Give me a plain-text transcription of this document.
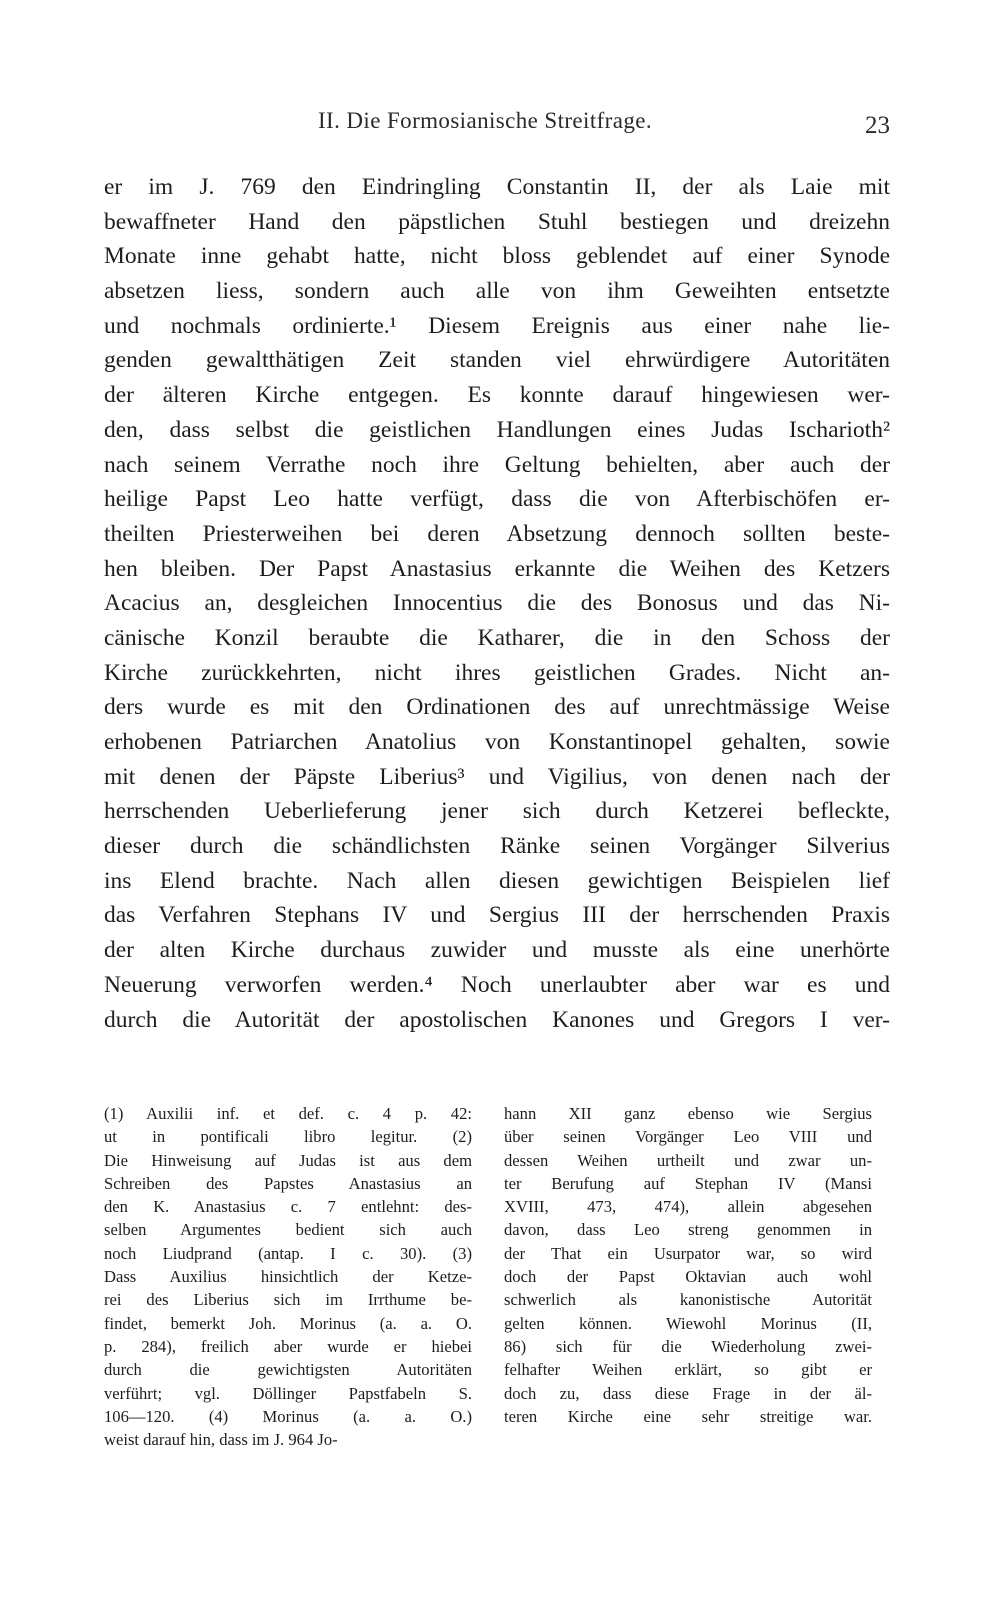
II. Die Formosianische Streitfrage.	23
er im J. 769 den Eindringling Constantin II, der als Laie mit
bewaffneter Hand den päpstlichen Stuhl bestiegen und dreizehn
Monate inne gehabt hatte, nicht bloss geblendet auf einer Synode
absetzen liess, sondern auch alle von ihm Geweihten entsetzte
und nochmals ordinierte.¹ Diesem Ereignis aus einer nahe lie-
genden gewaltthätigen Zeit standen viel ehrwürdigere Autoritäten
der älteren Kirche entgegen. Es konnte darauf hingewiesen wer-
den, dass selbst die geistlichen Handlungen eines Judas Ischarioth²
nach seinem Verrathe noch ihre Geltung behielten, aber auch der
heilige Papst Leo hatte verfügt, dass die von Afterbischöfen er-
theilten Priesterweihen bei deren Absetzung dennoch sollten beste-
hen bleiben. Der Papst Anastasius erkannte die Weihen des Ketzers
Acacius an, desgleichen Innocentius die des Bonosus und das Ni-
cänische Konzil beraubte die Katharer, die in den Schoss der
Kirche zurückkehrten, nicht ihres geistlichen Grades. Nicht an-
ders wurde es mit den Ordinationen des auf unrechtmässige Weise
erhobenen Patriarchen Anatolius von Konstantinopel gehalten, sowie
mit denen der Päpste Liberius³ und Vigilius, von denen nach der
herrschenden Ueberlieferung jener sich durch Ketzerei befleckte,
dieser durch die schändlichsten Ränke seinen Vorgänger Silverius
ins Elend brachte. Nach allen diesen gewichtigen Beispielen lief
das Verfahren Stephans IV und Sergius III der herrschenden Praxis
der alten Kirche durchaus zuwider und musste als eine unerhörte
Neuerung verworfen werden.⁴ Noch unerlaubter aber war es und
durch die Autorität der apostolischen Kanones und Gregors I ver-
(1) Auxilii inf. et def. c. 4 p. 42:
ut in pontificali libro legitur. (2)
Die Hinweisung auf Judas ist aus dem
Schreiben des Papstes Anastasius an
den K. Anastasius c. 7 entlehnt: des-
selben Argumentes bedient sich auch
noch Liudprand (antap. I c. 30). (3)
Dass Auxilius hinsichtlich der Ketze-
rei des Liberius sich im Irrthume be-
findet, bemerkt Joh. Morinus (a. a. O.
p. 284), freilich aber wurde er hiebei
durch die gewichtigsten Autoritäten
verführt; vgl. Döllinger Papstfabeln S.
106—120. (4) Morinus (a. a. O.)
weist darauf hin, dass im J. 964 Jo-
hann XII ganz ebenso wie Sergius
über seinen Vorgänger Leo VIII und
dessen Weihen urtheilt und zwar un-
ter Berufung auf Stephan IV (Mansi
XVIII, 473, 474), allein abgesehen
davon, dass Leo streng genommen in
der That ein Usurpator war, so wird
doch der Papst Oktavian auch wohl
schwerlich als kanonistische Autorität
gelten können. Wiewohl Morinus (II,
86) sich für die Wiederholung zwei-
felhafter Weihen erklärt, so gibt er
doch zu, dass diese Frage in der äl-
teren Kirche eine sehr streitige war.
